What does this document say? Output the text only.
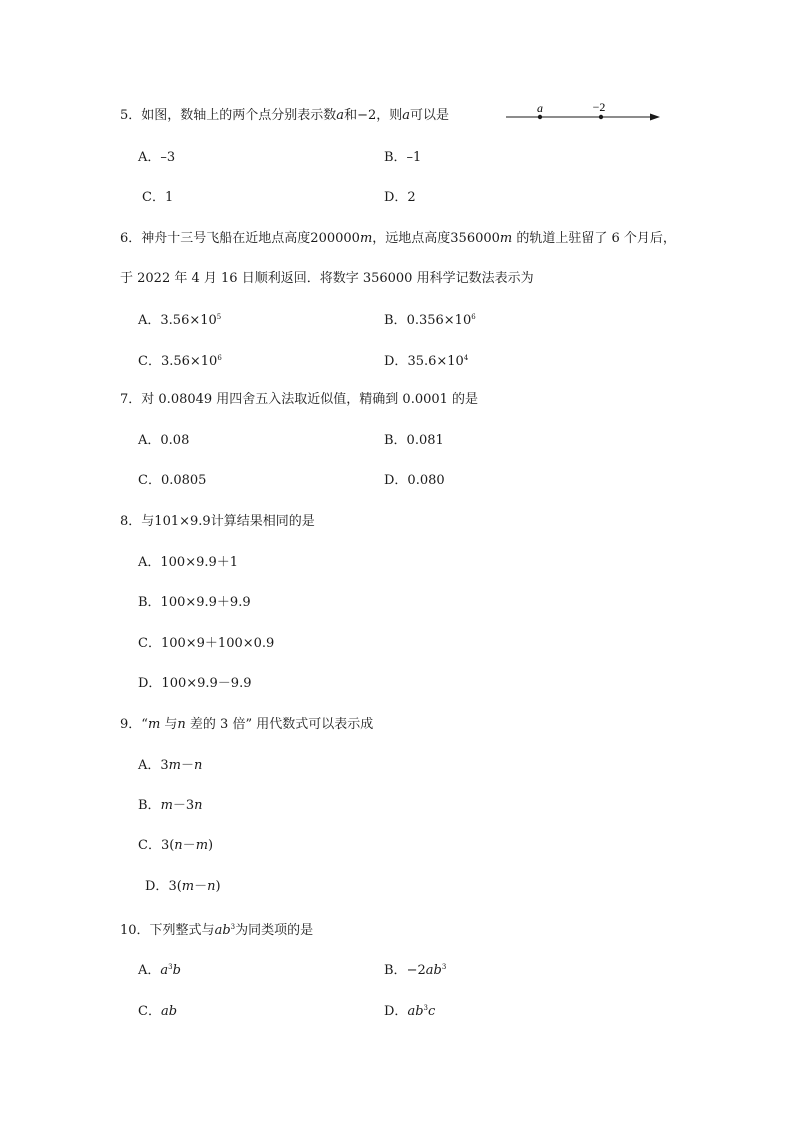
5．如图，数轴上的两个点分别表示数a和−2，则a可以是	a	−2
A．–3	B．–1
C．1	D．2
6．神舟十三号飞船在近地点高度200000m，远地点高度356000m 的轨道上驻留了 6 个月后，
于 2022 年 4 月 16 日顺利返回．将数字 356000 用科学记数法表示为
A．$3.56\times 10^5$	B．$0.356\times 10^6$
C．$3.56\times 10^6$	D．$35.6\times 10^4$
7．对 0.08049 用四舍五入法取近似值，精确到 0.0001 的是
A．0.08	B．0.081
C．0.0805	D．0.080
8．与101×9.9计算结果相同的是
A．100×9.9＋1
B．100×9.9＋9.9
C．100×9＋100×0.9
D．100×9.9－9.9
9．“m 与n 差的 3 倍” 用代数式可以表示成
A．3m－n
B．m－3n
C．3(n－m)
D．3(m－n)
10．下列整式与$ab^3$为同类项的是
A．$a^3b$	B．$-2ab^3$
C．ab	D．$ab^3c$
